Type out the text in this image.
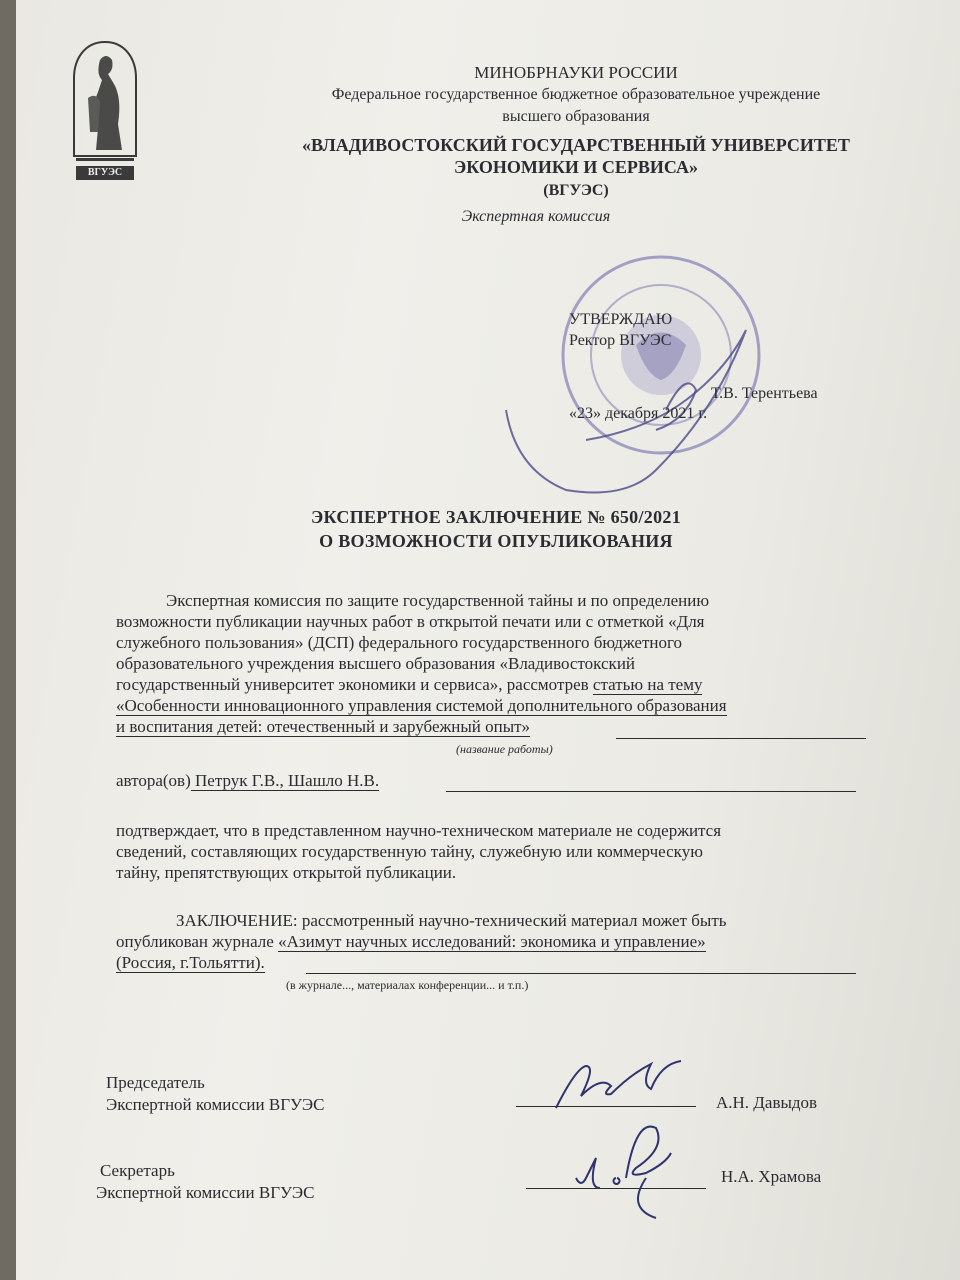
ВГУЭС
МИНОБРНАУКИ РОССИИ
Федеральное государственное бюджетное образовательное учреждение
высшего образования
«ВЛАДИВОСТОКСКИЙ ГОСУДАРСТВЕННЫЙ УНИВЕРСИТЕТ
ЭКОНОМИКИ И СЕРВИСА»
(ВГУЭС)
Экспертная комиссия
УТВЕРЖДАЮ
Ректор ВГУЭС
Т.В. Терентьева
«23» декабря 2021 г.
ЭКСПЕРТНОЕ ЗАКЛЮЧЕНИЕ № 650/2021
О ВОЗМОЖНОСТИ ОПУБЛИКОВАНИЯ
Экспертная комиссия по защите государственной тайны и по определению
возможности публикации научных работ в открытой печати или с отметкой «Для
служебного пользования» (ДСП) федерального государственного бюджетного
образовательного учреждения высшего образования «Владивостокский
государственный университет экономики и сервиса», рассмотрев статью на тему
«Особенности инновационного управления системой дополнительного образования
и воспитания детей: отечественный и зарубежный опыт»
(название работы)
автора(ов) Петрук Г.В., Шашло Н.В.
подтверждает, что в представленном научно-техническом материале не содержится
сведений, составляющих государственную тайну, служебную или коммерческую
тайну, препятствующих открытой публикации.
ЗАКЛЮЧЕНИЕ: рассмотренный научно-технический материал может быть
опубликован журнале «Азимут научных исследований: экономика и управление»
(Россия, г.Тольятти).
(в журнале..., материалах конференции... и т.п.)
Председатель
Экспертной комиссии ВГУЭС	А.Н. Давыдов
Секретарь
Экспертной комиссии ВГУЭС
Н.А. Храмова
